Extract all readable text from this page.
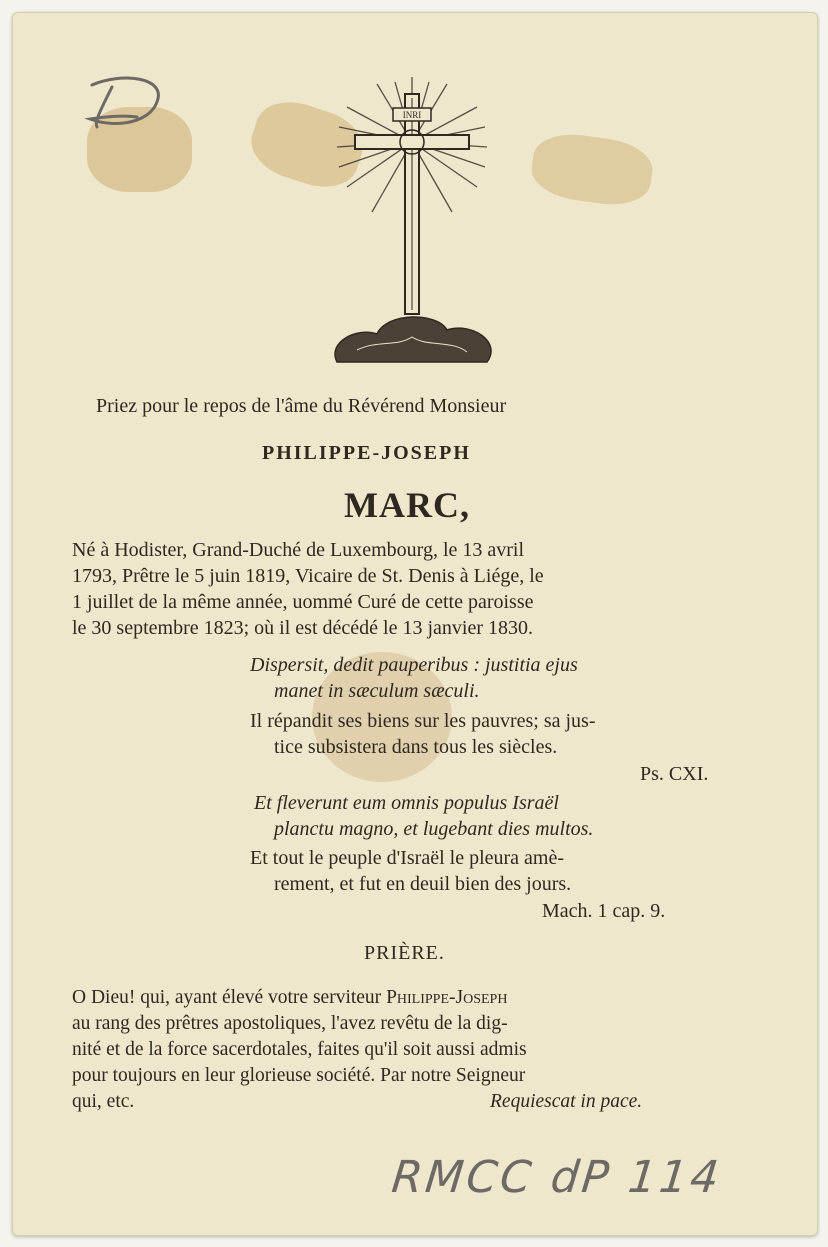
INRI

Priez pour le repos de l'âme du Révérend Monsieur

PHILIPPE-JOSEPH

MARC,

Né à Hodister, Grand-Duché de Luxembourg, le 13 avril

1793, Prêtre le 5 juin 1819, Vicaire de St. Denis à Liége, le

1 juillet de la même année, uommé Curé de cette paroisse

le 30 septembre 1823; où il est décédé le 13 janvier 1830.

Dispersit, dedit pauperibus : justitia ejus

manet in sæculum sæculi.

Il répandit ses biens sur les pauvres; sa jus-

tice subsistera dans tous les siècles.

Ps. CXI.

Et fleverunt eum omnis populus Israël

planctu magno, et lugebant dies multos.

Et tout le peuple d'Israël le pleura amè-

rement, et fut en deuil bien des jours.

Mach. 1 cap. 9.

PRIÈRE.

O Dieu! qui, ayant élevé votre serviteur Philippe-Joseph

au rang des prêtres apostoliques, l'avez revêtu de la dig-

nité et de la force sacerdotales, faites qu'il soit aussi admis

pour toujours en leur glorieuse société. Par notre Seigneur

qui, etc.	Requiescat in pace.

RMCC dP 114
